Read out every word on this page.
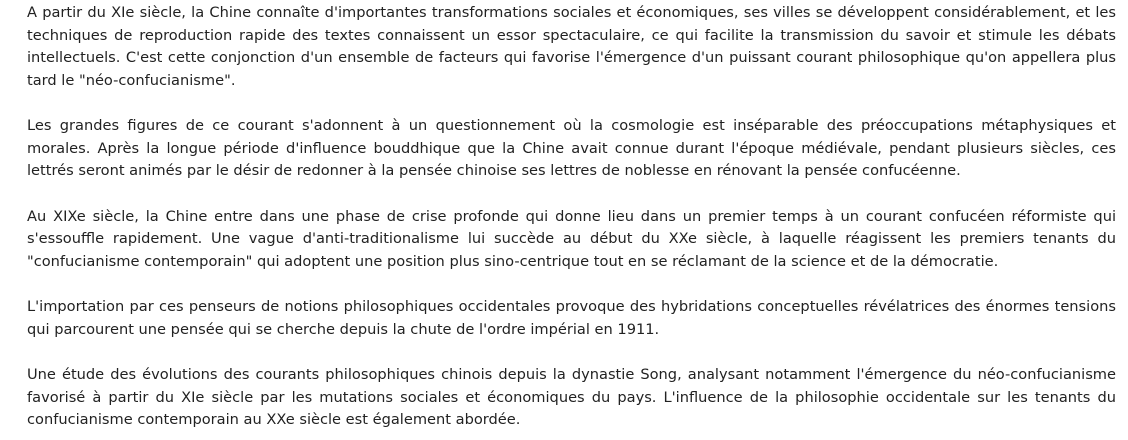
A partir du XIe siècle, la Chine connaîte d'importantes transformations sociales et économiques, ses villes se développent considérablement, et les techniques de reproduction rapide des textes connaissent un essor spectaculaire, ce qui facilite la transmission du savoir et stimule les débats intellectuels. C'est cette conjonction d'un ensemble de facteurs qui favorise l'émergence d'un puissant courant philosophique qu'on appellera plus tard le "néo-confucianisme".

Les grandes figures de ce courant s'adonnent à un questionnement où la cosmologie est inséparable des préoccupations métaphysiques et morales. Après la longue période d'influence bouddhique que la Chine avait connue durant l'époque médiévale, pendant plusieurs siècles, ces lettrés seront animés par le désir de redonner à la pensée chinoise ses lettres de noblesse en rénovant la pensée confucéenne.

Au XIXe siècle, la Chine entre dans une phase de crise profonde qui donne lieu dans un premier temps à un courant confucéen réformiste qui s'essouffle rapidement. Une vague d'anti-traditionalisme lui succède au début du XXe siècle, à laquelle réagissent les premiers tenants du "confucianisme contemporain" qui adoptent une position plus sino-centrique tout en se réclamant de la science et de la démocratie.

L'importation par ces penseurs de notions philosophiques occidentales provoque des hybridations conceptuelles révélatrices des énormes tensions qui parcourent une pensée qui se cherche depuis la chute de l'ordre impérial en 1911.

Une étude des évolutions des courants philosophiques chinois depuis la dynastie Song, analysant notamment l'émergence du néo-confucianisme favorisé à partir du XIe siècle par les mutations sociales et économiques du pays. L'influence de la philosophie occidentale sur les tenants du confucianisme contemporain au XXe siècle est également abordée.
